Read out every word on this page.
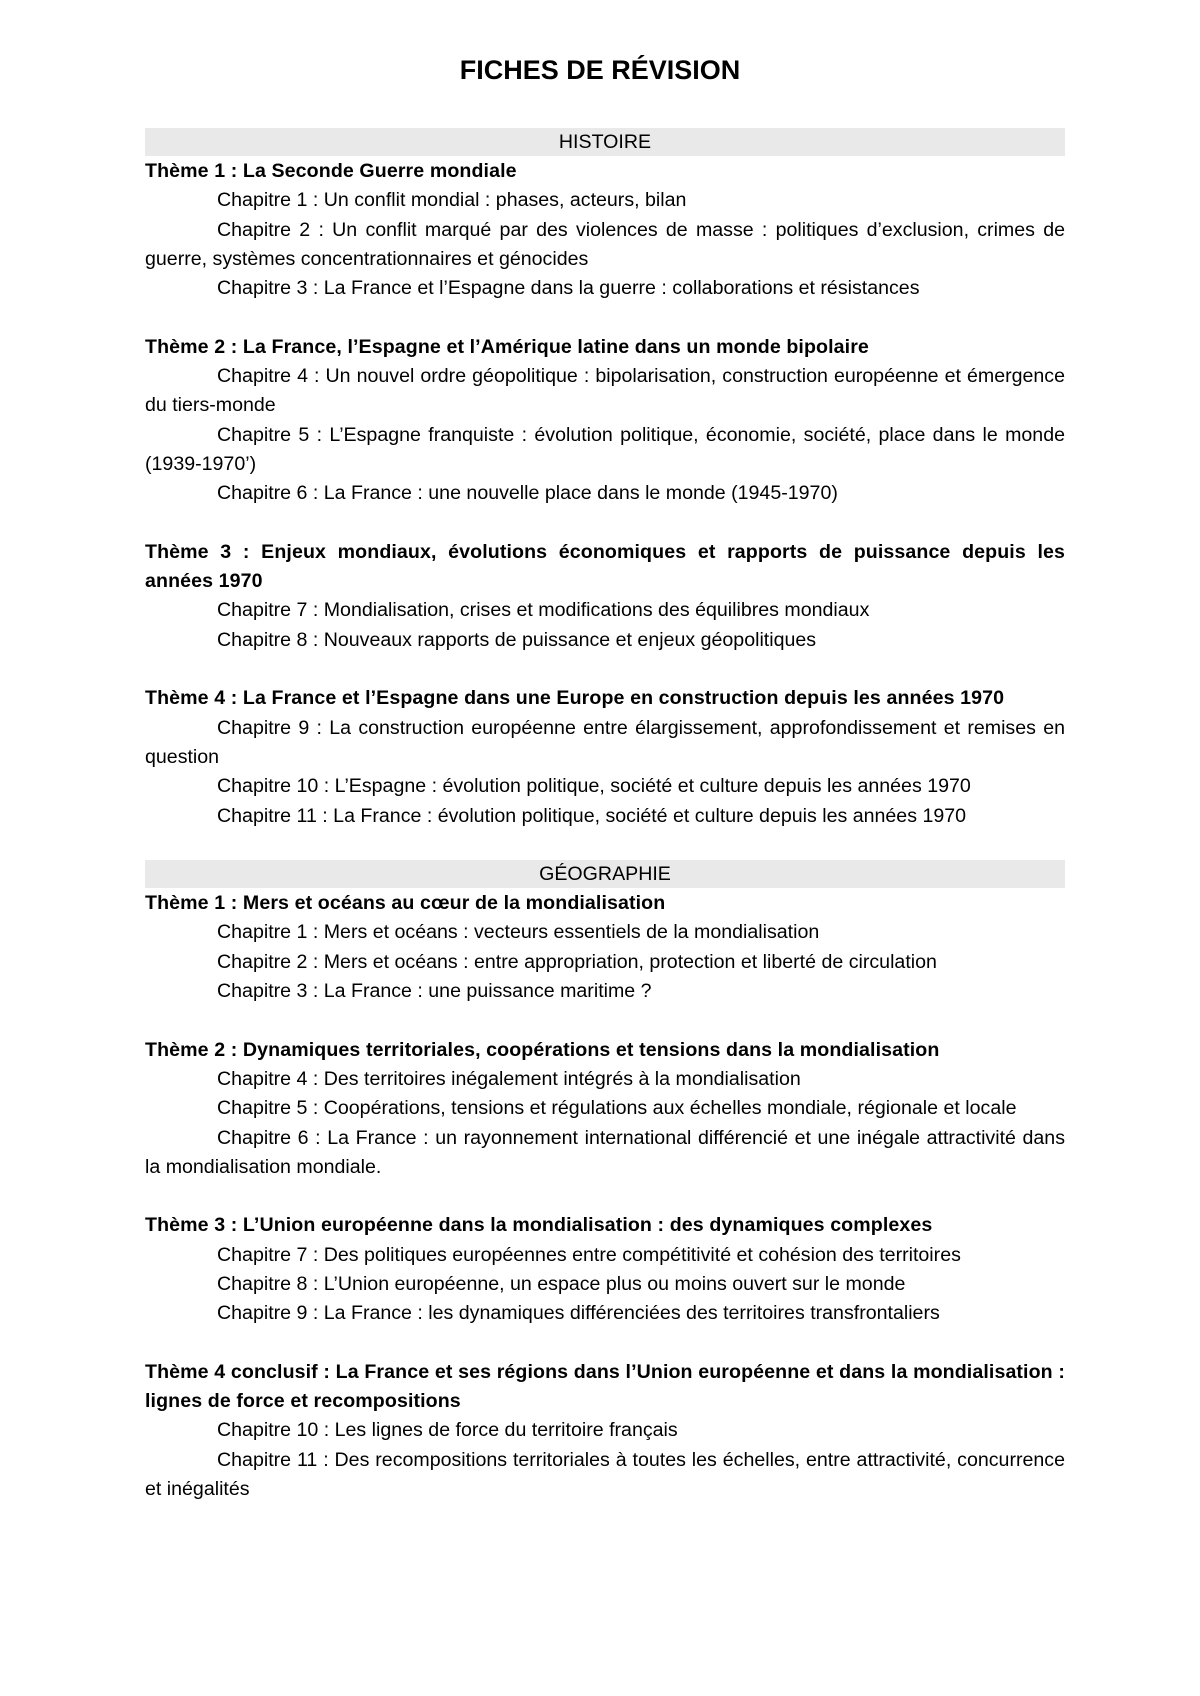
FICHES DE RÉVISION
HISTOIRE
Thème 1 : La Seconde Guerre mondiale
Chapitre 1 : Un conflit mondial : phases, acteurs, bilan
Chapitre 2 : Un conflit marqué par des violences de masse : politiques d’exclusion, crimes de guerre, systèmes concentrationnaires et génocides
Chapitre 3 : La France et l’Espagne dans la guerre : collaborations et résistances
Thème 2 : La France, l’Espagne et l’Amérique latine dans un monde bipolaire
Chapitre 4 : Un nouvel ordre géopolitique : bipolarisation, construction européenne et émergence du tiers-monde
Chapitre 5 : L’Espagne franquiste : évolution politique, économie, société, place dans le monde (1939-1970’)
Chapitre 6 : La France : une nouvelle place dans le monde (1945-1970)
Thème 3 : Enjeux mondiaux, évolutions économiques et rapports de puissance depuis les années 1970
Chapitre 7 : Mondialisation, crises et modifications des équilibres mondiaux
Chapitre 8 : Nouveaux rapports de puissance et enjeux géopolitiques
Thème 4 : La France et l’Espagne dans une Europe en construction depuis les années 1970
Chapitre 9 : La construction européenne entre élargissement, approfondissement et remises en question
Chapitre 10 : L’Espagne : évolution politique, société et culture depuis les années 1970
Chapitre 11 : La France : évolution politique, société et culture depuis les années 1970
GÉOGRAPHIE
Thème 1 : Mers et océans au cœur de la mondialisation
Chapitre 1 : Mers et océans : vecteurs essentiels de la mondialisation
Chapitre 2 : Mers et océans : entre appropriation, protection et liberté de circulation
Chapitre 3 : La France : une puissance maritime ?
Thème 2 : Dynamiques territoriales, coopérations et tensions dans la mondialisation
Chapitre 4 : Des territoires inégalement intégrés à la mondialisation
Chapitre 5 : Coopérations, tensions et régulations aux échelles mondiale, régionale et locale
Chapitre 6 : La France : un rayonnement international différencié et une inégale attractivité dans la mondialisation mondiale.
Thème 3 : L’Union européenne dans la mondialisation : des dynamiques complexes
Chapitre 7 : Des politiques européennes entre compétitivité et cohésion des territoires
Chapitre 8 : L’Union européenne, un espace plus ou moins ouvert sur le monde
Chapitre 9 : La France : les dynamiques différenciées des territoires transfrontaliers
Thème 4 conclusif : La France et ses régions dans l’Union européenne et dans la mondialisation : lignes de force et recompositions
Chapitre 10 : Les lignes de force du territoire français
Chapitre 11 : Des recompositions territoriales à toutes les échelles, entre attractivité, concurrence et inégalités
